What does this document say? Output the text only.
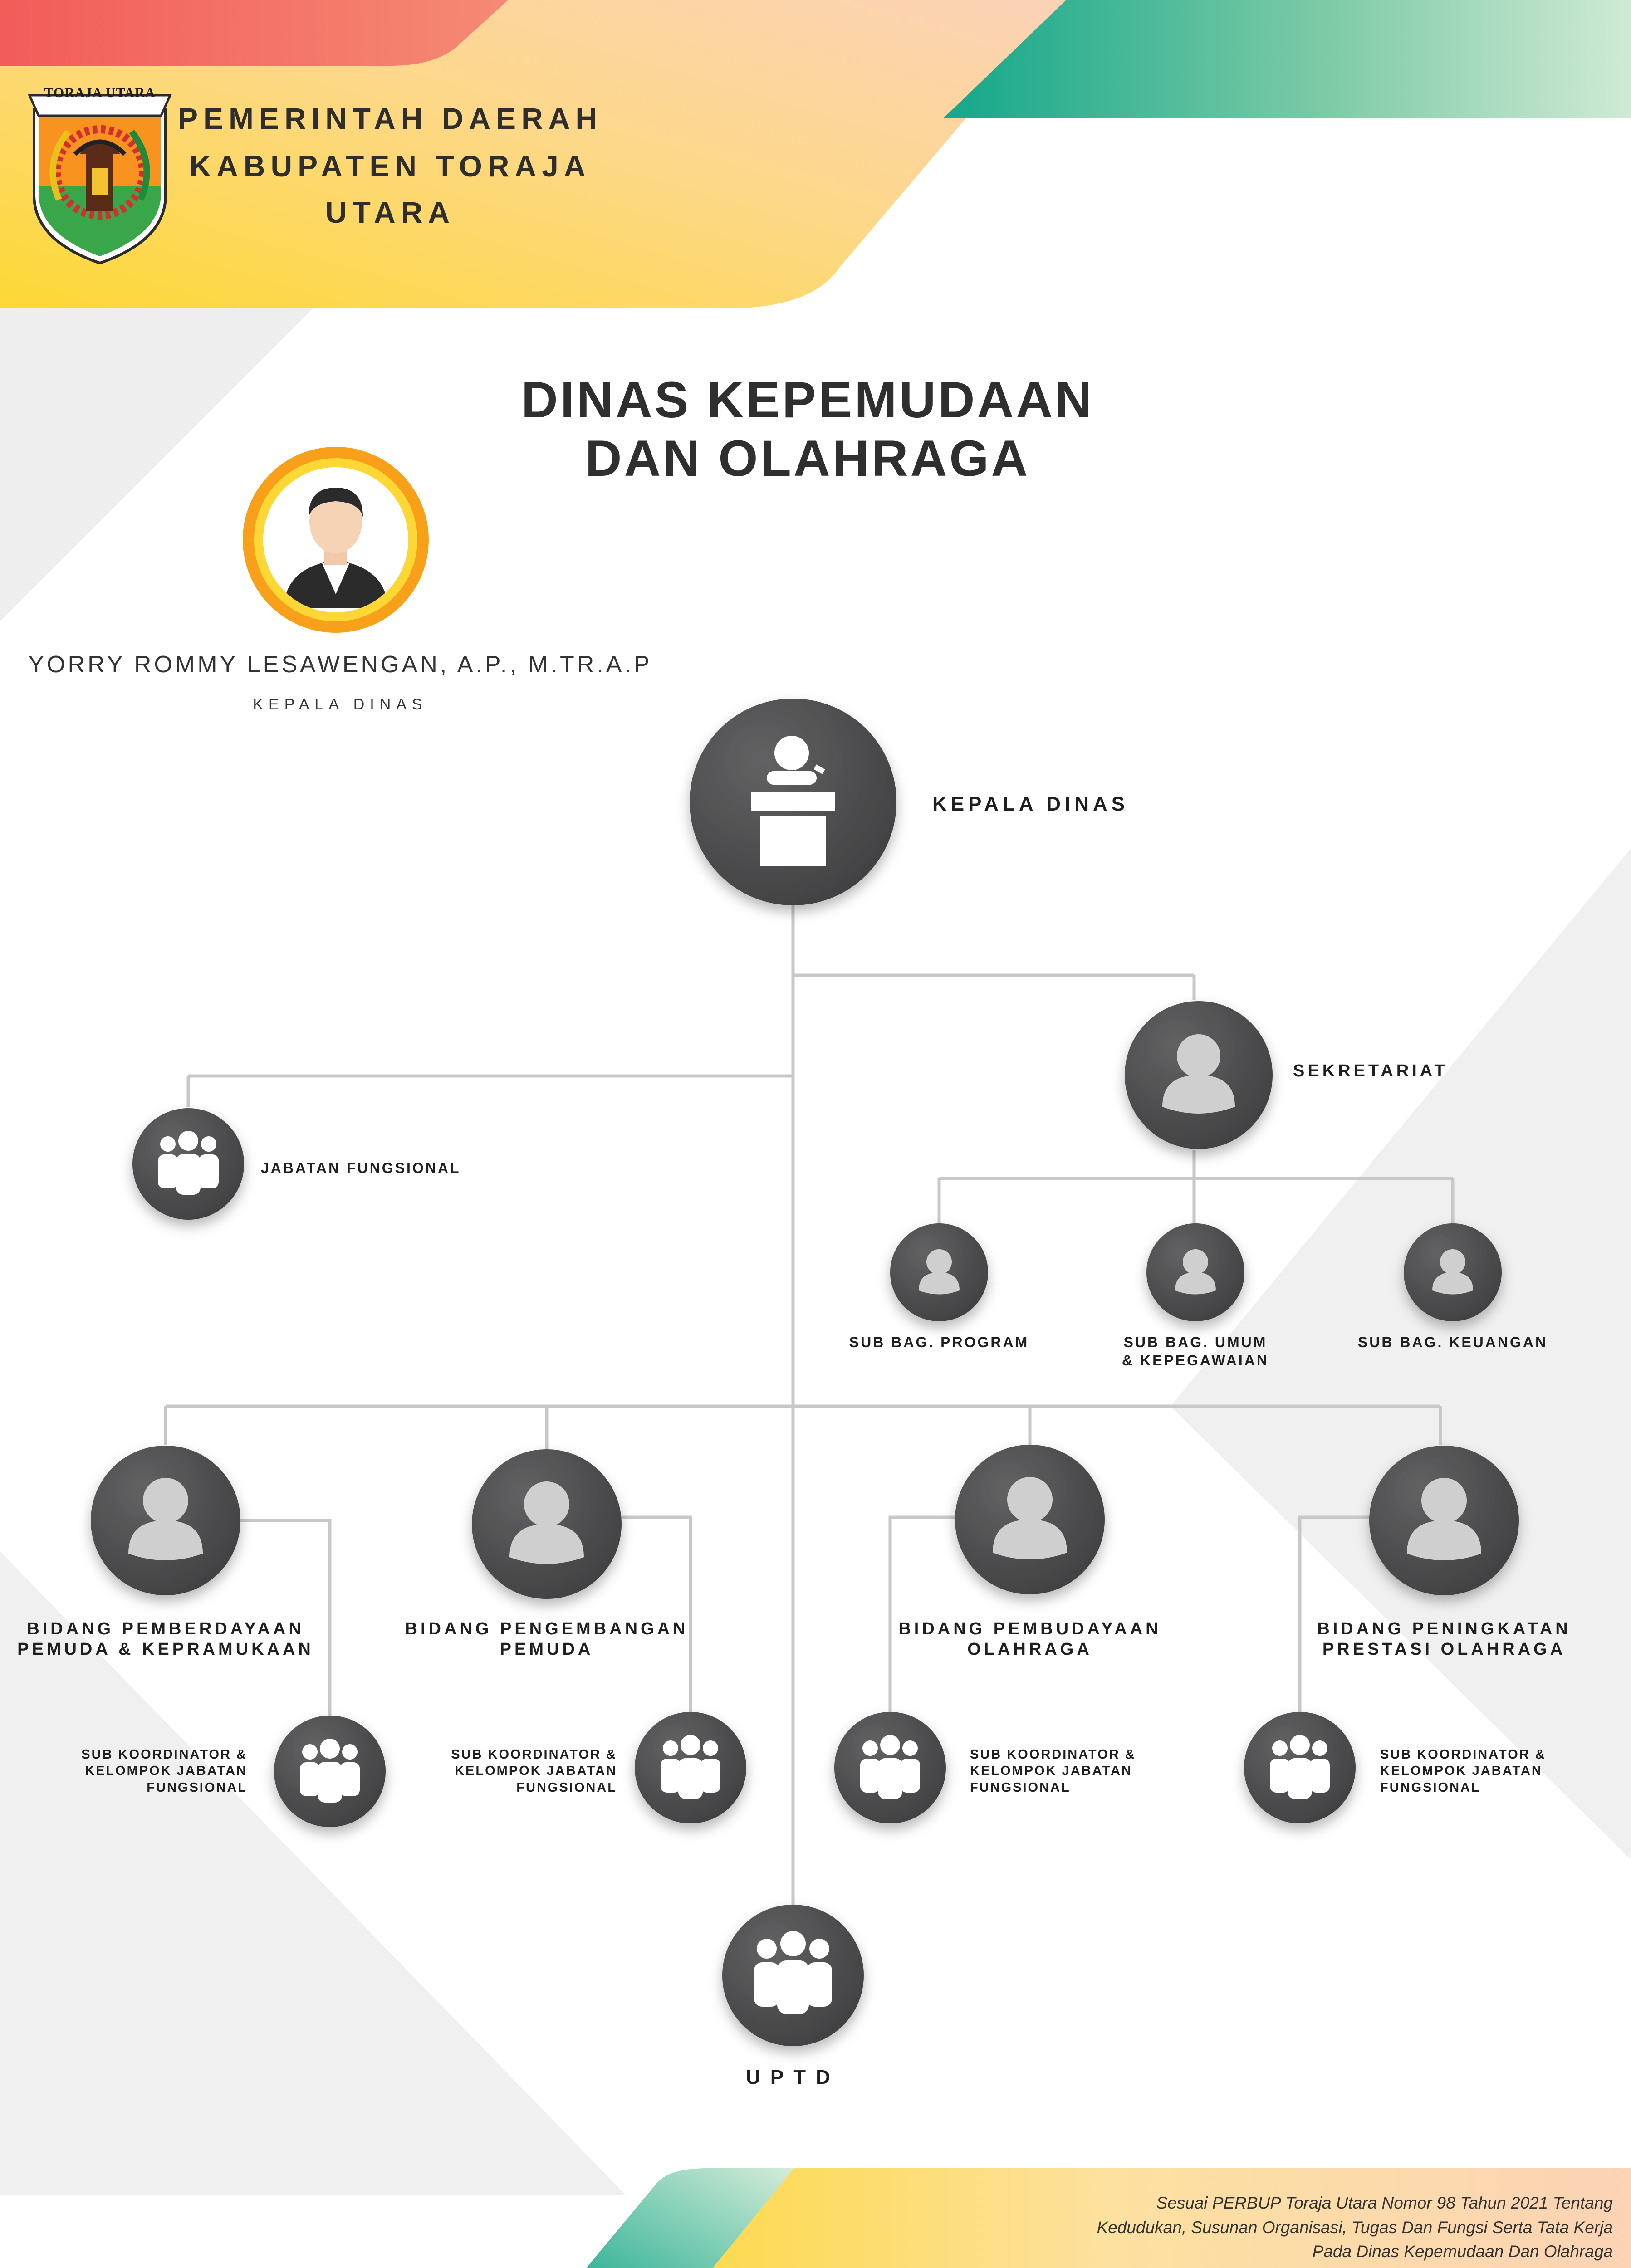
TORAJA UTARA
PEMERINTAH DAERAH
KABUPATEN TORAJA UTARA
DINAS KEPEMUDAAN
DAN OLAHRAGA
YORRY ROMMY LESAWENGAN, A.P., M.TR.A.P
KEPALA DINAS
KEPALA DINAS
SEKRETARIAT
JABATAN FUNGSIONAL
SUB BAG. PROGRAM	SUB BAG. UMUM
& KEPEGAWAIAN
SUB BAG. KEUANGAN
BIDANG PEMBERDAYAAN
PEMUDA & KEPRAMUKAAN
BIDANG PENGEMBANGAN
PEMUDA
BIDANG PEMBUDAYAAN
OLAHRAGA
BIDANG PENINGKATAN
PRESTASI OLAHRAGA
SUB KOORDINATOR &
KELOMPOK JABATAN
FUNGSIONAL
SUB KOORDINATOR &
KELOMPOK JABATAN
FUNGSIONAL
SUB KOORDINATOR &
KELOMPOK JABATAN
FUNGSIONAL
SUB KOORDINATOR &
KELOMPOK JABATAN
FUNGSIONAL
UPTD
Sesuai PERBUP Toraja Utara Nomor 98 Tahun 2021 Tentang
Kedudukan, Susunan Organisasi, Tugas Dan Fungsi Serta Tata Kerja
Pada Dinas Kepemudaan Dan Olahraga
